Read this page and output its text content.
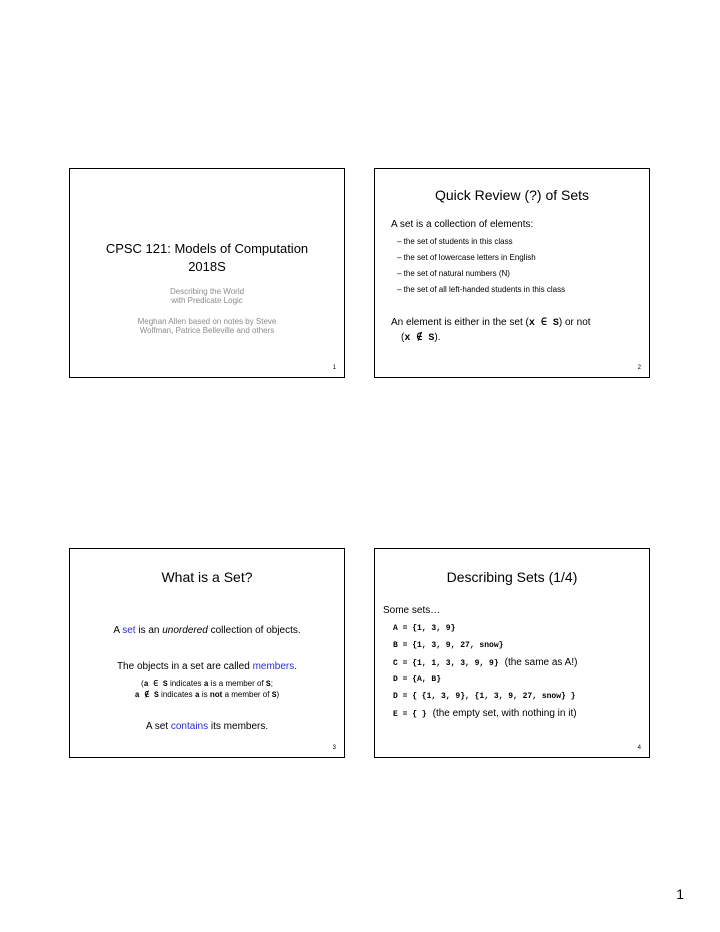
CPSC 121: Models of Computation
2018S
Describing the World
with Predicate Logic
Meghan Allen based on notes by Steve
Wolfman, Patrice Belleville and others
1
Quick Review (?) of Sets
A set is a collection of elements:
– the set of students in this class
– the set of lowercase letters in English
– the set of natural numbers (N)
– the set of all left-handed students in this class
An element is either in the set (x ∈ S) or not
(x ∉ S).
2
What is a Set?
A set is an unordered collection of objects.
The objects in a set are called members.
(a ∈ S indicates a is a member of S;
a ∉ S indicates a is not a member of S)
A set contains its members.
3
Describing Sets (1/4)
Some sets…
A = {1, 3, 9}
B = {1, 3, 9, 27, snow}
C = {1, 1, 3, 3, 9, 9} (the same as A!)
D = {A, B}
D = { {1, 3, 9}, {1, 3, 9, 27, snow} }
E = { } (the empty set, with nothing in it)
4
1
